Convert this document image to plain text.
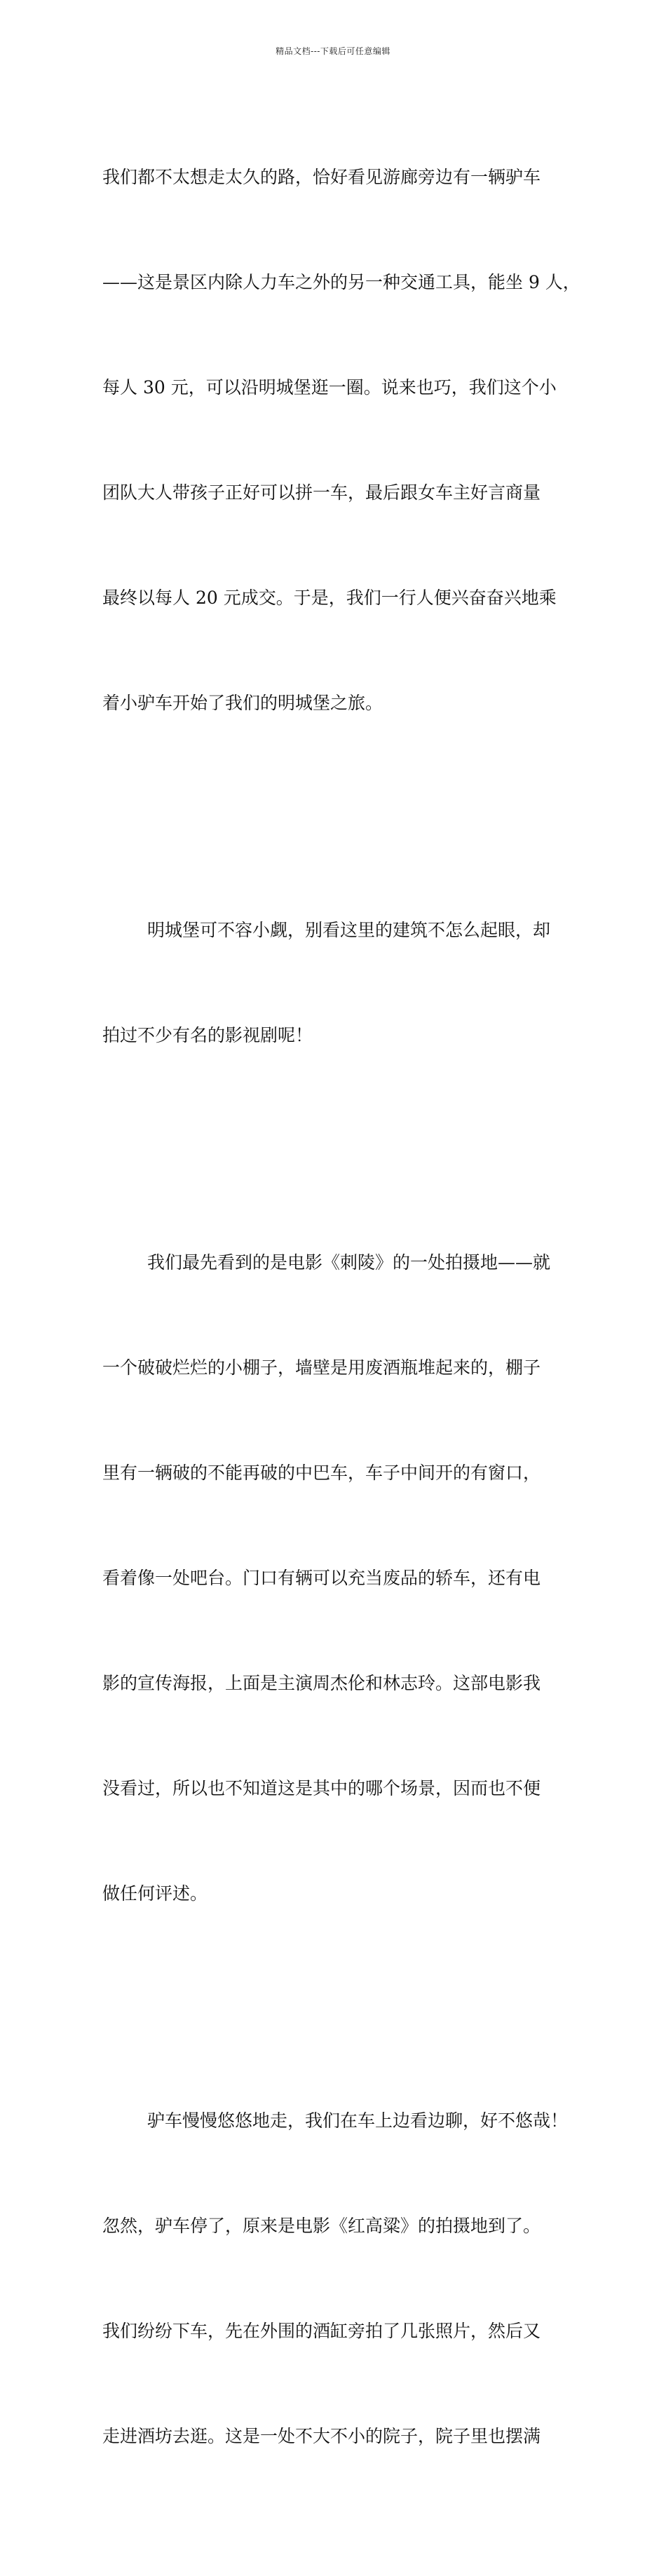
精品文档---下载后可任意编辑

我们都不太想走太久的路，恰好看见游廊旁边有一辆驴车

——这是景区内除人力车之外的另一种交通工具，能坐 9 人，

每人 30 元，可以沿明城堡逛一圈。说来也巧，我们这个小

团队大人带孩子正好可以拼一车，最后跟女车主好言商量

最终以每人 20 元成交。于是，我们一行人便兴奋奋兴地乘

着小驴车开始了我们的明城堡之旅。

明城堡可不容小觑，别看这里的建筑不怎么起眼，却

拍过不少有名的影视剧呢！

我们最先看到的是电影《刺陵》的一处拍摄地——就

一个破破烂烂的小棚子，墙壁是用废酒瓶堆起来的，棚子

里有一辆破的不能再破的中巴车，车子中间开的有窗口，

看着像一处吧台。门口有辆可以充当废品的轿车，还有电

影的宣传海报，上面是主演周杰伦和林志玲。这部电影我

没看过，所以也不知道这是其中的哪个场景，因而也不便

做任何评述。

驴车慢慢悠悠地走，我们在车上边看边聊，好不悠哉！

忽然，驴车停了，原来是电影《红高粱》的拍摄地到了。

我们纷纷下车，先在外围的酒缸旁拍了几张照片，然后又

走进酒坊去逛。这是一处不大不小的院子，院子里也摆满
